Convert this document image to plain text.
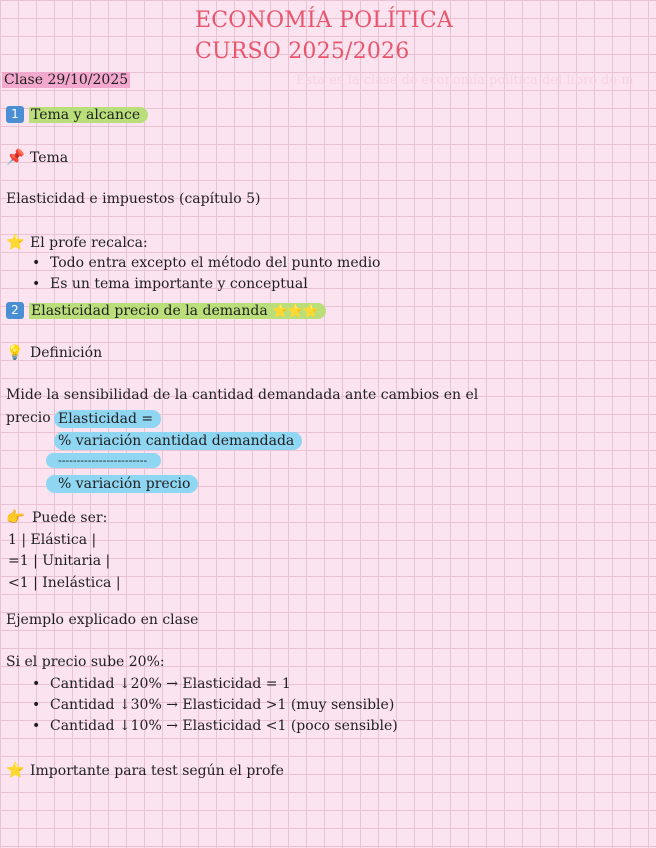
ECONOMÍA POLÍTICA
CURSO 2025/2026
Clase 29/10/2025	Esta es la clase de economía política del libro de m
1 Tema y alcance
📌 Tema
Elasticidad e impuestos (capítulo 5)
⭐ El profe recalca:
• Todo entra excepto el método del punto medio
• Es un tema importante y conceptual
2 Elasticidad precio de la demanda ⭐⭐⭐
💡 Definición
Mide la sensibilidad de la cantidad demandada ante cambios en el
precio Elasticidad =
% variación cantidad demandada
------------------------
% variación precio
👉 Puede ser:
1 | Elástica |
=1 | Unitaria |
<1 | Inelástica |
Ejemplo explicado en clase
Si el precio sube 20%:
• Cantidad ↓20% → Elasticidad = 1
• Cantidad ↓30% → Elasticidad >1 (muy sensible)
• Cantidad ↓10% → Elasticidad <1 (poco sensible)
⭐ Importante para test según el profe
